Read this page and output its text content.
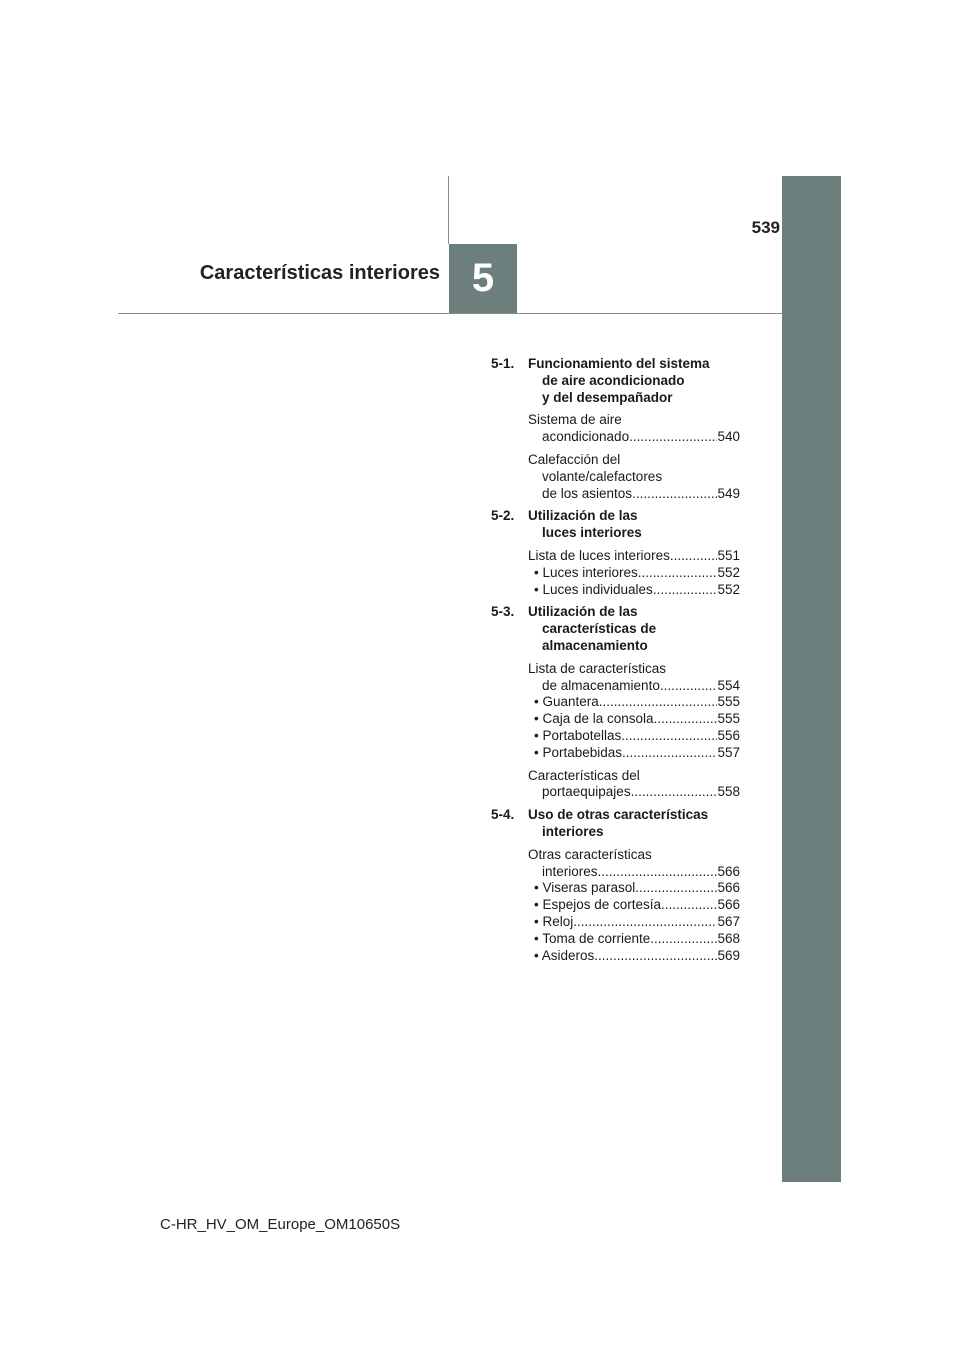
Características interiores 5
539
5-1. Funcionamiento del sistema
de aire acondicionado
y del desempañador
Sistema de aire
acondicionado .....	540
Calefacción del
volante/calefactores
de los asientos .....	549
5-2. Utilización de las
luces interiores
Lista de luces interiores .....	551
• Luces interiores .....	552
• Luces individuales .....	552
5-3. Utilización de las
características de
almacenamiento
Lista de características
de almacenamiento .....	554
• Guantera .....	555
• Caja de la consola .....	555
• Portabotellas .....	556
• Portabebidas .....	557
Características del
portaequipajes .....	558
5-4. Uso de otras características
interiores
Otras características
interiores .....	566
• Viseras parasol .....	566
• Espejos de cortesía .....	566
• Reloj .....	567
• Toma de corriente .....	568
• Asideros .....	569
C-HR_HV_OM_Europe_OM10650S
